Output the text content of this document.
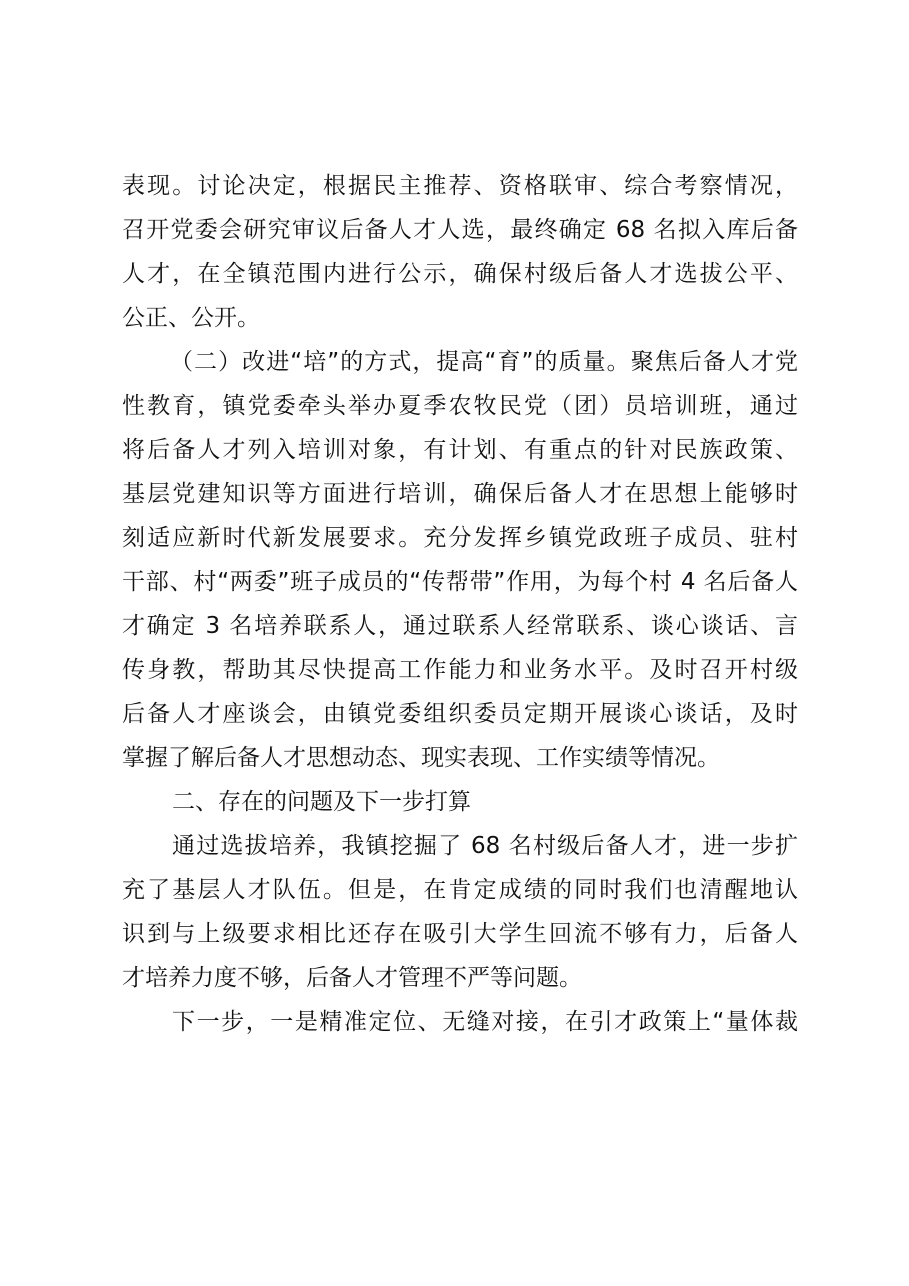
表现。讨论决定，根据民主推荐、资格联审、综合考察情况，
召开党委会研究审议后备人才人选，最终确定 68 名拟入库后备
人才，在全镇范围内进行公示，确保村级后备人才选拔公平、
公正、公开。
（二）改进“培”的方式，提高“育”的质量。聚焦后备人才党
性教育，镇党委牵头举办夏季农牧民党（团）员培训班，通过
将后备人才列入培训对象，有计划、有重点的针对民族政策、
基层党建知识等方面进行培训，确保后备人才在思想上能够时
刻适应新时代新发展要求。充分发挥乡镇党政班子成员、驻村
干部、村“两委”班子成员的“传帮带”作用，为每个村 4 名后备人
才确定 3 名培养联系人，通过联系人经常联系、谈心谈话、言
传身教，帮助其尽快提高工作能力和业务水平。及时召开村级
后备人才座谈会，由镇党委组织委员定期开展谈心谈话，及时
掌握了解后备人才思想动态、现实表现、工作实绩等情况。
二、存在的问题及下一步打算
通过选拔培养，我镇挖掘了 68 名村级后备人才，进一步扩
充了基层人才队伍。但是，在肯定成绩的同时我们也清醒地认
识到与上级要求相比还存在吸引大学生回流不够有力，后备人
才培养力度不够，后备人才管理不严等问题。
下一步，一是精准定位、无缝对接，在引才政策上“量体裁
